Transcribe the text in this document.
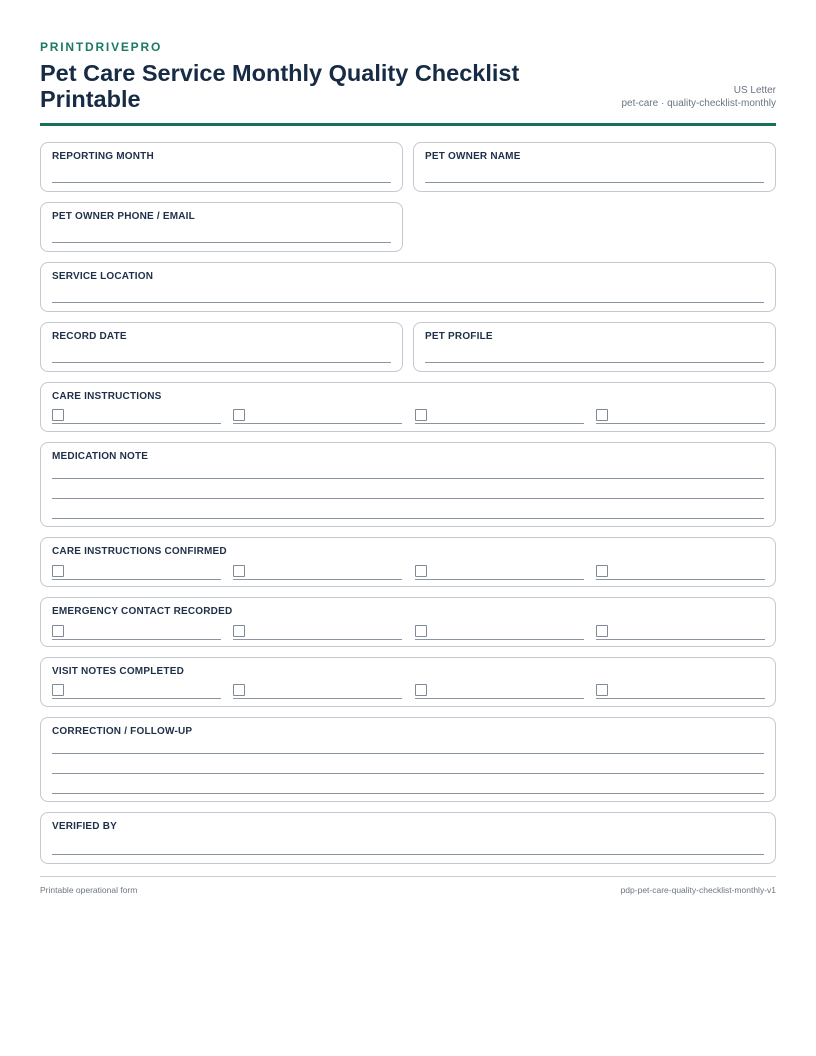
PRINTDRIVEPRO

Pet Care Service Monthly Quality Checklist Printable	US Letter
pet-care · quality-checklist-monthly
REPORTING MONTH	PET OWNER NAME
PET OWNER PHONE / EMAIL
SERVICE LOCATION
RECORD DATE	PET PROFILE
CARE INSTRUCTIONS
MEDICATION NOTE
CARE INSTRUCTIONS CONFIRMED
EMERGENCY CONTACT RECORDED
VISIT NOTES COMPLETED
CORRECTION / FOLLOW-UP
VERIFIED BY
Printable operational form	pdp-pet-care-quality-checklist-monthly-v1
